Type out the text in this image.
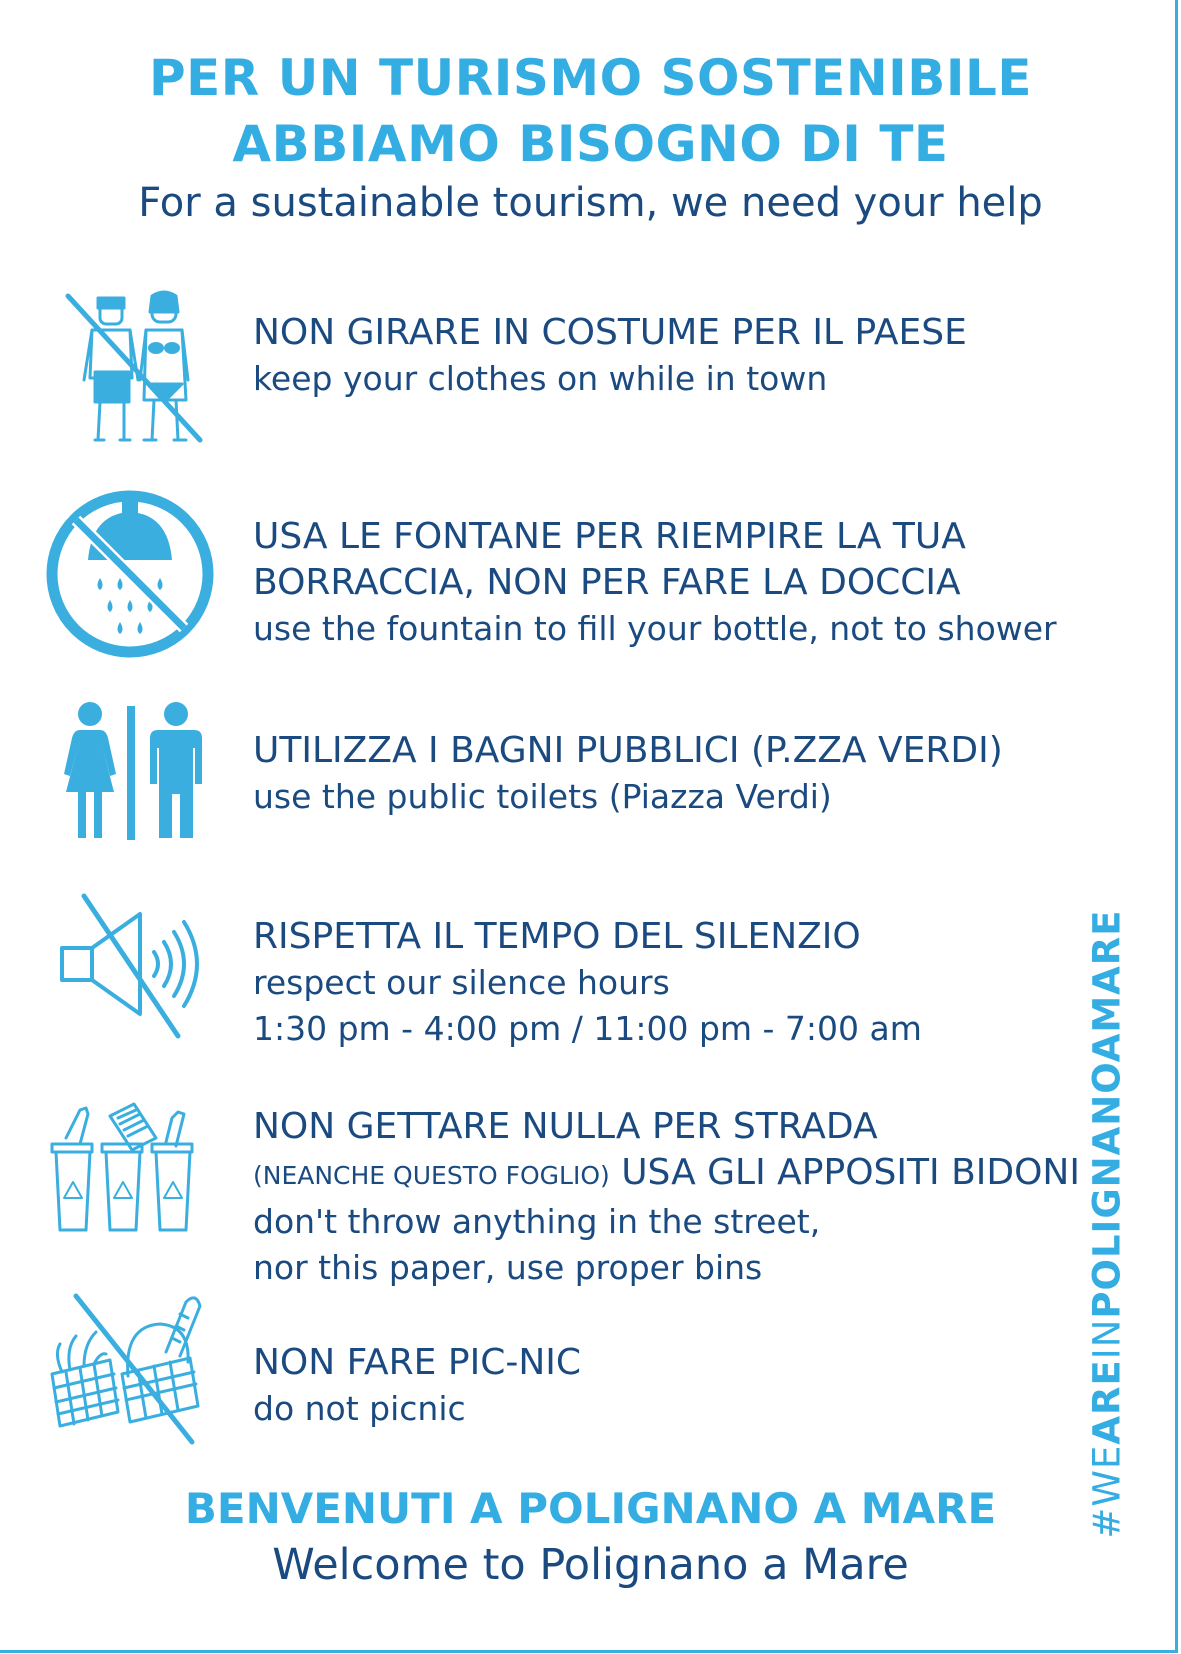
PER UN TURISMO SOSTENIBILE
ABBIAMO BISOGNO DI TE
For a sustainable tourism, we need your help
NON GIRARE IN COSTUME PER IL PAESE
keep your clothes on while in town
USA LE FONTANE PER RIEMPIRE LA TUA
BORRACCIA, NON PER FARE LA DOCCIA
use the fountain to fill your bottle, not to shower
UTILIZZA I BAGNI PUBBLICI (P.ZZA VERDI)
use the public toilets (Piazza Verdi)
RISPETTA IL TEMPO DEL SILENZIO
respect our silence hours
1:30 pm - 4:00 pm / 11:00 pm - 7:00 am
NON GETTARE NULLA PER STRADA
(NEANCHE QUESTO FOGLIO) USA GLI APPOSITI BIDONI
don't throw anything in the street,
nor this paper, use proper bins
NON FARE PIC-NIC
do not picnic
BENVENUTI A POLIGNANO A MARE
Welcome to Polignano a Mare
#WEAREINPOLIGNANOAMARE
